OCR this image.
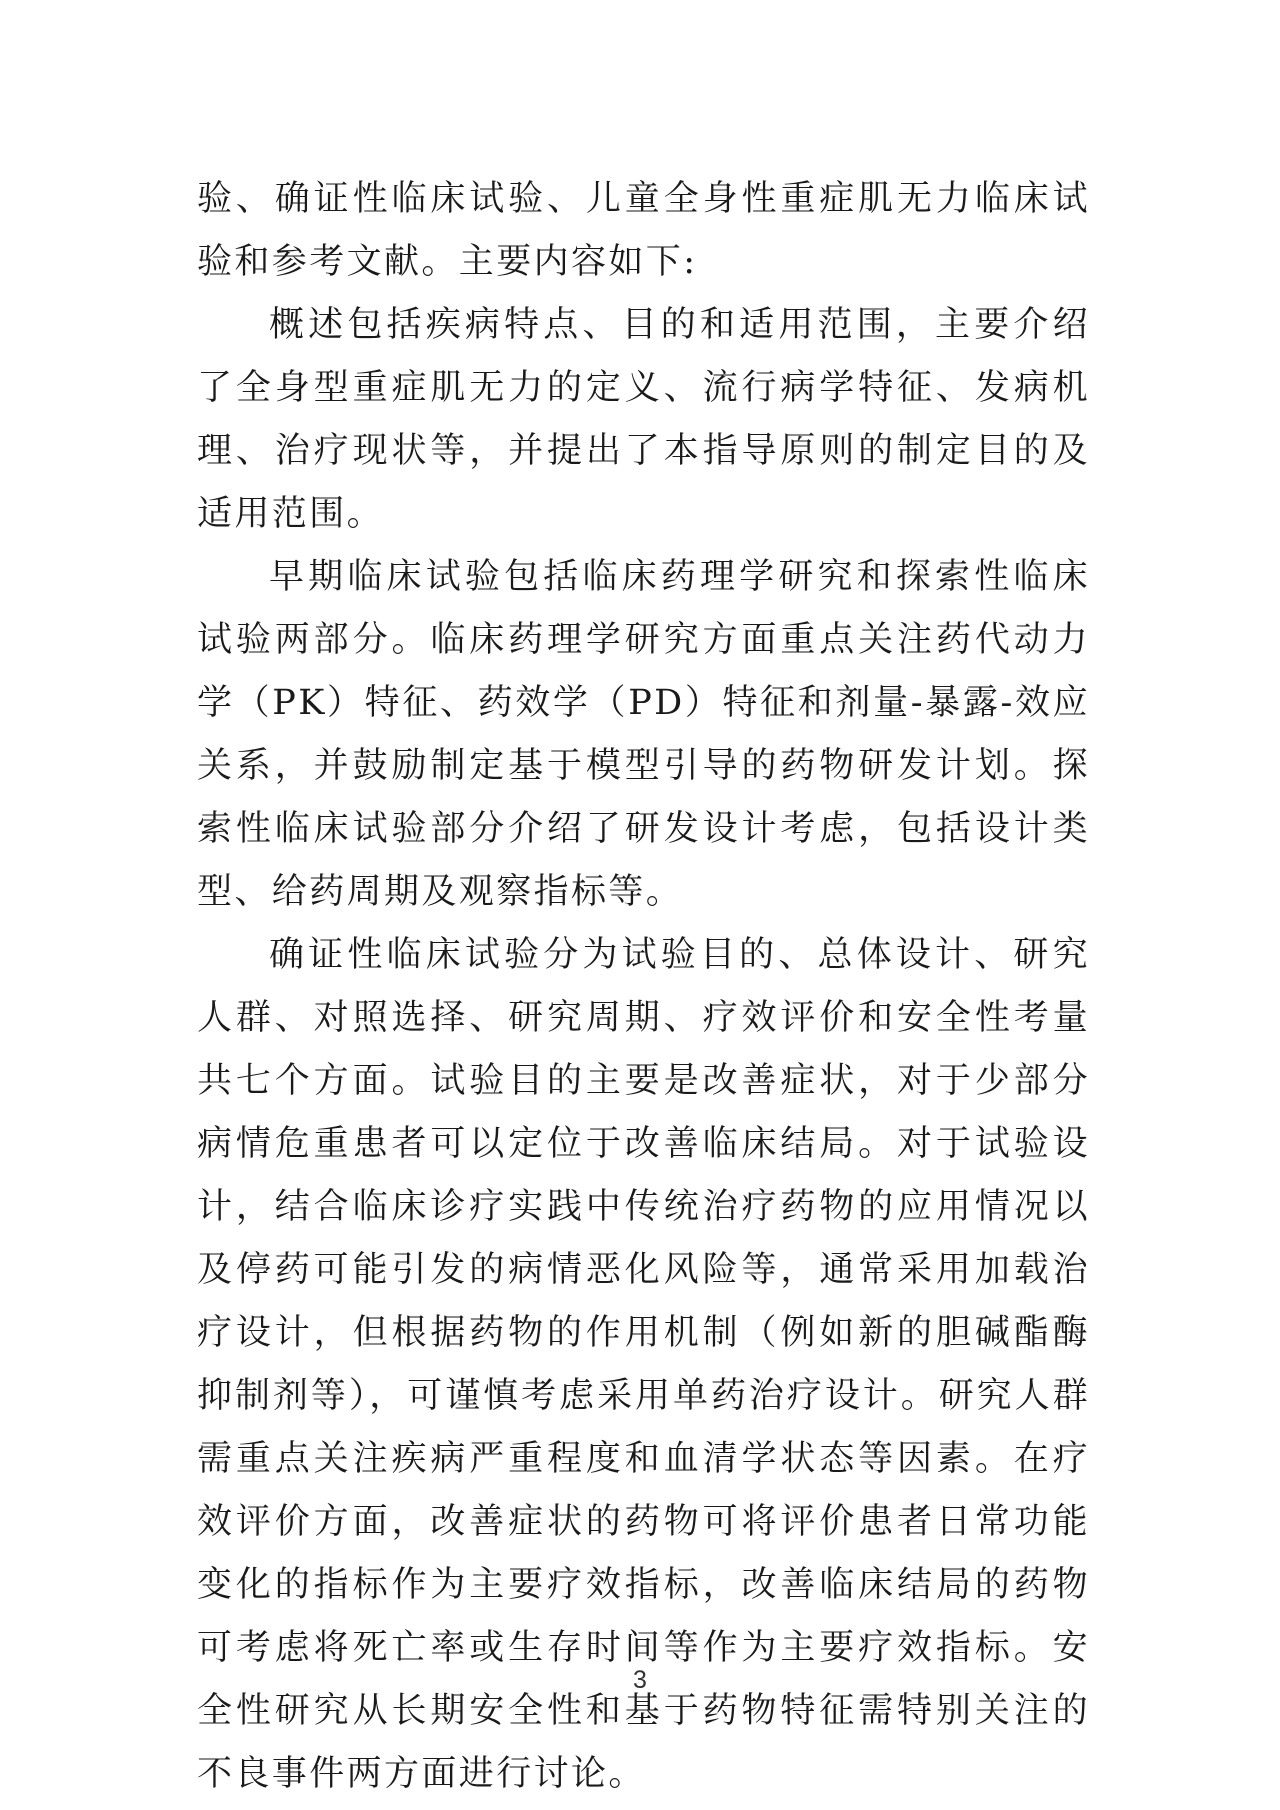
验、确证性临床试验、儿童全身性重症肌无力临床试验和参考文献。主要内容如下:

概述包括疾病特点、目的和适用范围，主要介绍了全身型重症肌无力的定义、流行病学特征、发病机理、治疗现状等，并提出了本指导原则的制定目的及适用范围。

早期临床试验包括临床药理学研究和探索性临床试验两部分。临床药理学研究方面重点关注药代动力学（PK）特征、药效学（PD）特征和剂量-暴露-效应关系，并鼓励制定基于模型引导的药物研发计划。探索性临床试验部分介绍了研发设计考虑，包括设计类型、给药周期及观察指标等。

确证性临床试验分为试验目的、总体设计、研究人群、对照选择、研究周期、疗效评价和安全性考量共七个方面。试验目的主要是改善症状，对于少部分病情危重患者可以定位于改善临床结局。对于试验设计，结合临床诊疗实践中传统治疗药物的应用情况以及停药可能引发的病情恶化风险等，通常采用加载治疗设计，但根据药物的作用机制（例如新的胆碱酯酶抑制剂等），可谨慎考虑采用单药治疗设计。研究人群需重点关注疾病严重程度和血清学状态等因素。在疗效评价方面，改善症状的药物可将评价患者日常功能变化的指标作为主要疗效指标，改善临床结局的药物可考虑将死亡率或生存时间等作为主要疗效指标。安全性研究从长期安全性和基于药物特征需特别关注的不良事件两方面进行讨论。

3
